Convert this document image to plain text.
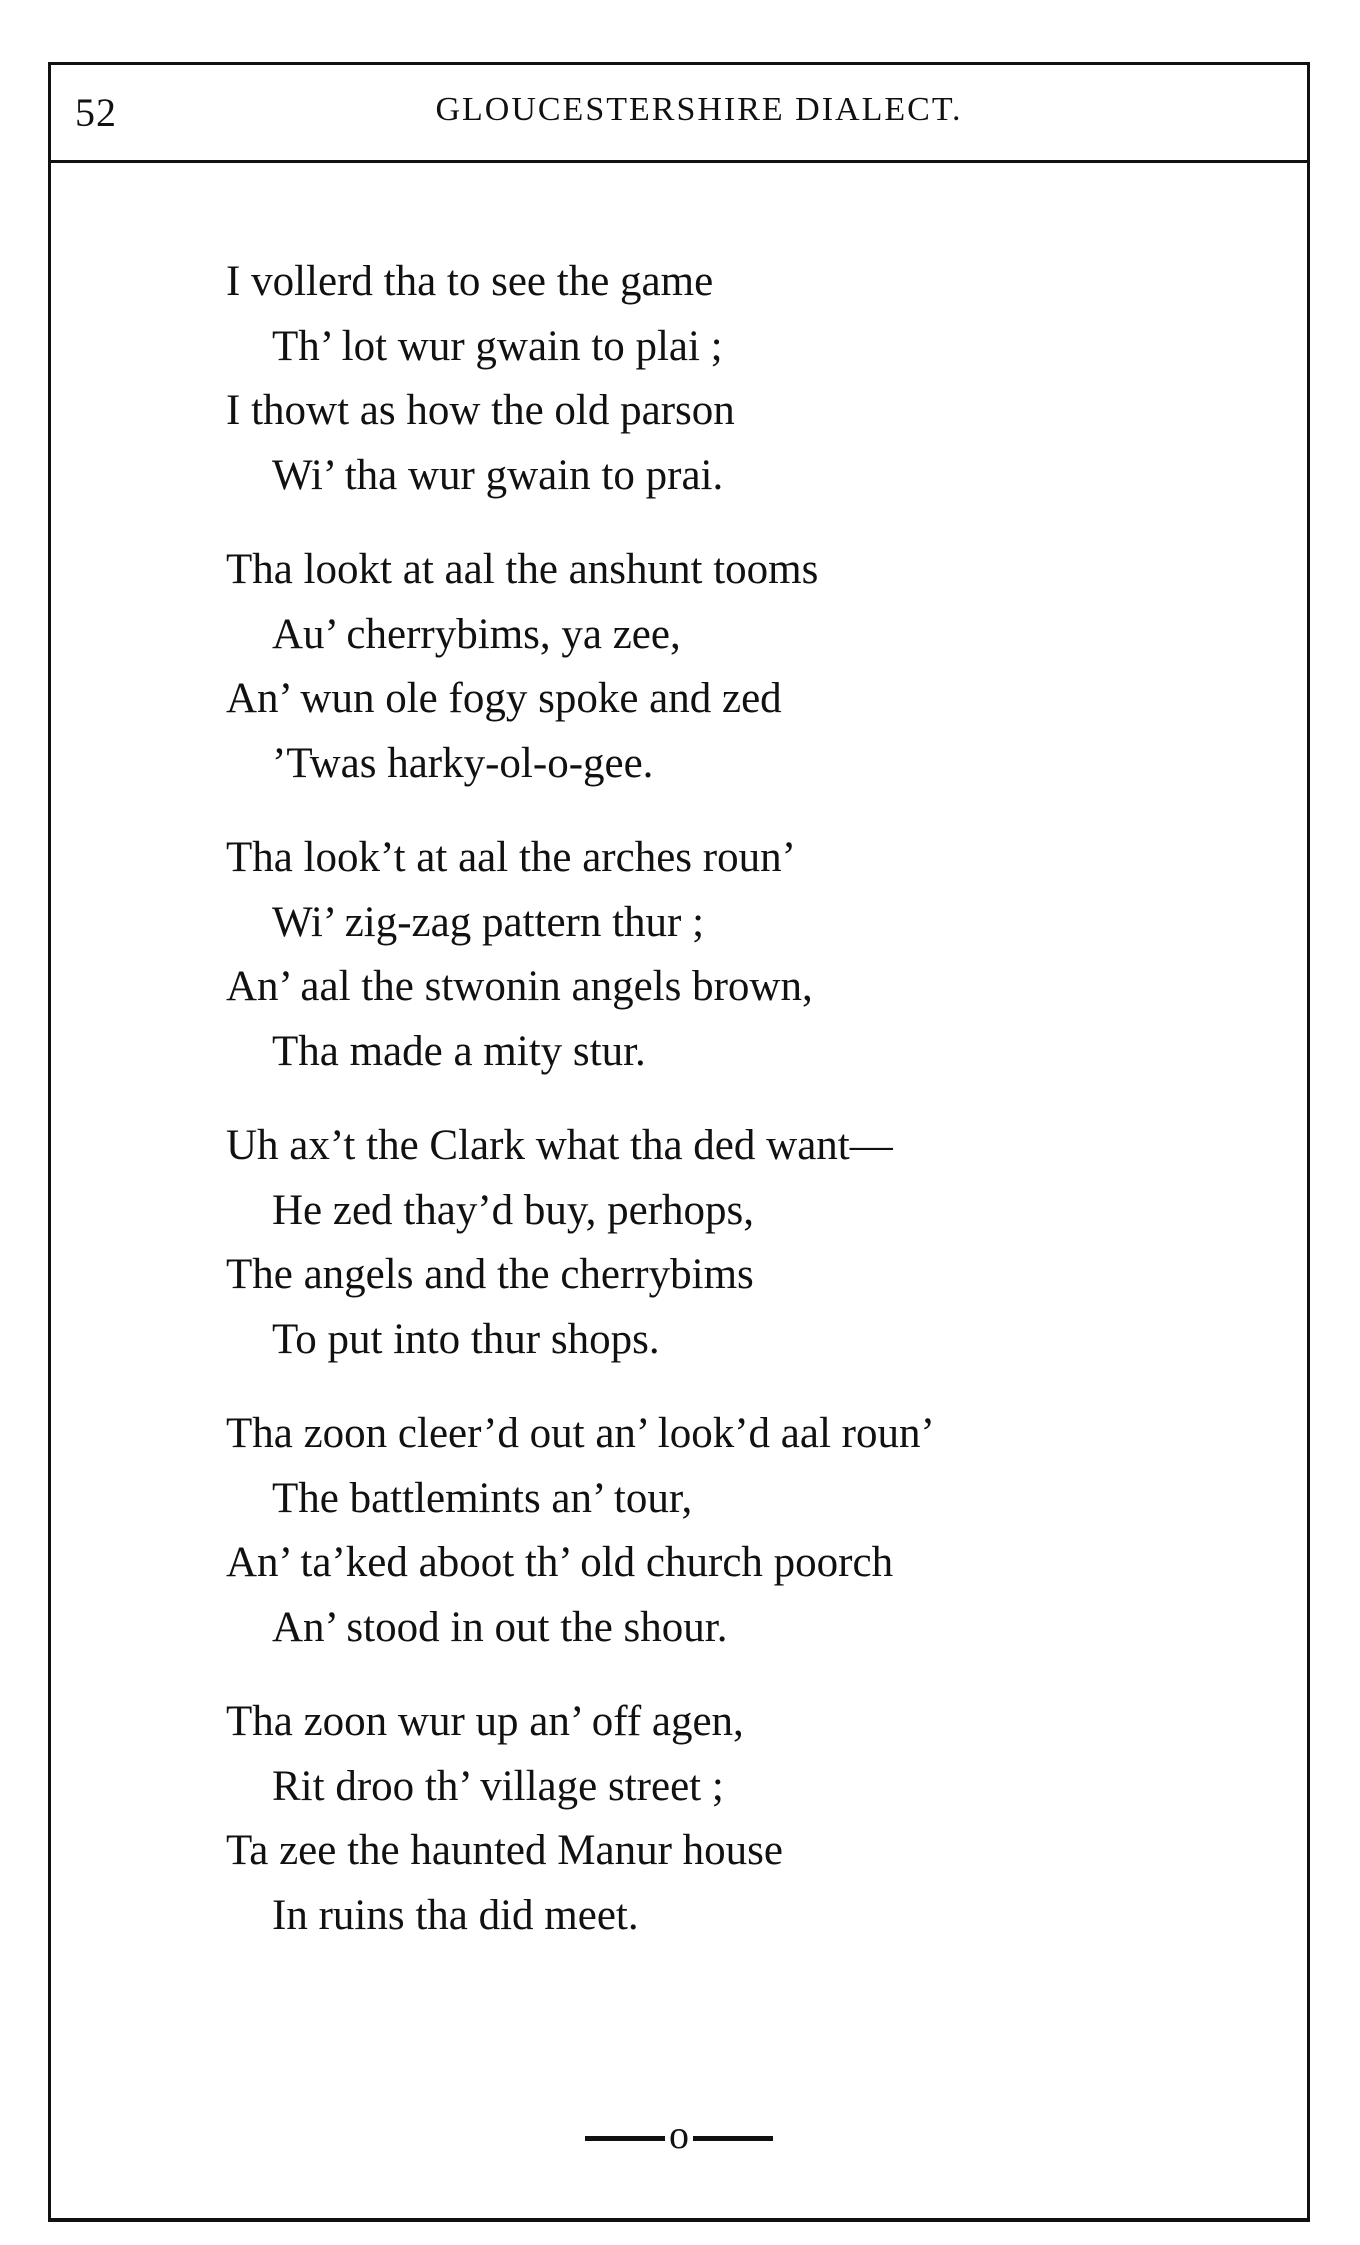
52	GLOUCESTERSHIRE DIALECT.
I vollerd tha to see the game
Th’ lot wur gwain to plai ;
I thowt as how the old parson
Wi’ tha wur gwain to prai.
Tha lookt at aal the anshunt tooms
Au’ cherrybims, ya zee,
An’ wun ole fogy spoke and zed
’Twas harky-ol-o-gee.
Tha look’t at aal the arches roun’
Wi’ zig-zag pattern thur ;
An’ aal the stwonin angels brown,
Tha made a mity stur.
Uh ax’t the Clark what tha ded want—
He zed thay’d buy, perhops,
The angels and the cherrybims
To put into thur shops.
Tha zoon cleer’d out an’ look’d aal roun’
The battlemints an’ tour,
An’ ta’ked aboot th’ old church poorch
An’ stood in out the shour.
Tha zoon wur up an’ off agen,
Rit droo th’ village street ;
Ta zee the haunted Manur house
In ruins tha did meet.
o
